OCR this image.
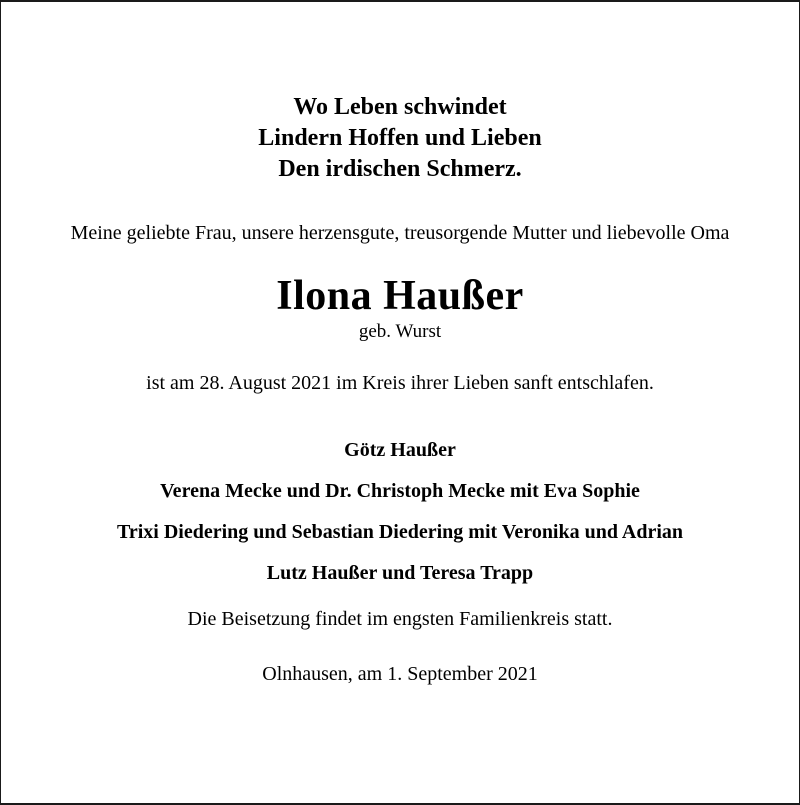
Wo Leben schwindet
Lindern Hoffen und Lieben
Den irdischen Schmerz.
Meine geliebte Frau, unsere herzensgute, treusorgende Mutter und liebevolle Oma
Ilona Haußer
geb. Wurst
ist am 28. August 2021 im Kreis ihrer Lieben sanft entschlafen.
Götz Haußer
Verena Mecke und Dr. Christoph Mecke mit Eva Sophie
Trixi Diedering und Sebastian Diedering mit Veronika und Adrian
Lutz Haußer und Teresa Trapp
Die Beisetzung findet im engsten Familienkreis statt.
Olnhausen, am 1. September 2021
